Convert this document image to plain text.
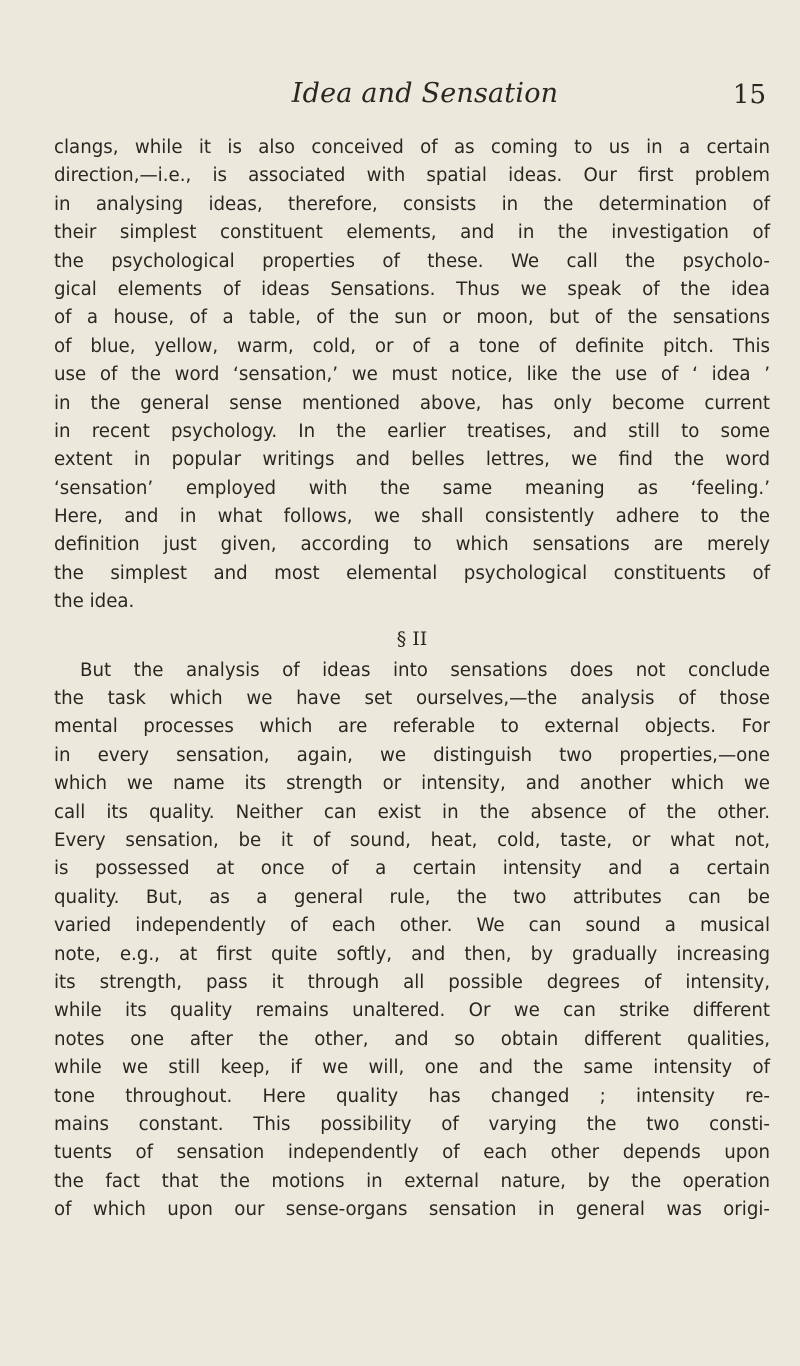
Idea and Sensation	15
clangs, while it is also conceived of as coming to us in a certain
direction,—i.e., is associated with spatial ideas. Our first problem
in analysing ideas, therefore, consists in the determination of
their simplest constituent elements, and in the investigation of
the psychological properties of these. We call the psycholo-
gical elements of ideas Sensations. Thus we speak of the idea
of a house, of a table, of the sun or moon, but of the sensations
of blue, yellow, warm, cold, or of a tone of definite pitch. This
use of the word ‘sensation,’ we must notice, like the use of ‘ idea ’
in the general sense mentioned above, has only become current
in recent psychology. In the earlier treatises, and still to some
extent in popular writings and belles lettres, we find the word
‘sensation’ employed with the same meaning as ‘feeling.’
Here, and in what follows, we shall consistently adhere to the
definition just given, according to which sensations are merely
the simplest and most elemental psychological constituents of
the idea.
§ II
But the analysis of ideas into sensations does not conclude
the task which we have set ourselves,—the analysis of those
mental processes which are referable to external objects. For
in every sensation, again, we distinguish two properties,—one
which we name its strength or intensity, and another which we
call its quality. Neither can exist in the absence of the other.
Every sensation, be it of sound, heat, cold, taste, or what not,
is possessed at once of a certain intensity and a certain
quality. But, as a general rule, the two attributes can be
varied independently of each other. We can sound a musical
note, e.g., at first quite softly, and then, by gradually increasing
its strength, pass it through all possible degrees of intensity,
while its quality remains unaltered. Or we can strike different
notes one after the other, and so obtain different qualities,
while we still keep, if we will, one and the same intensity of
tone throughout. Here quality has changed ; intensity re-
mains constant. This possibility of varying the two consti-
tuents of sensation independently of each other depends upon
the fact that the motions in external nature, by the operation
of which upon our sense-organs sensation in general was origi-
